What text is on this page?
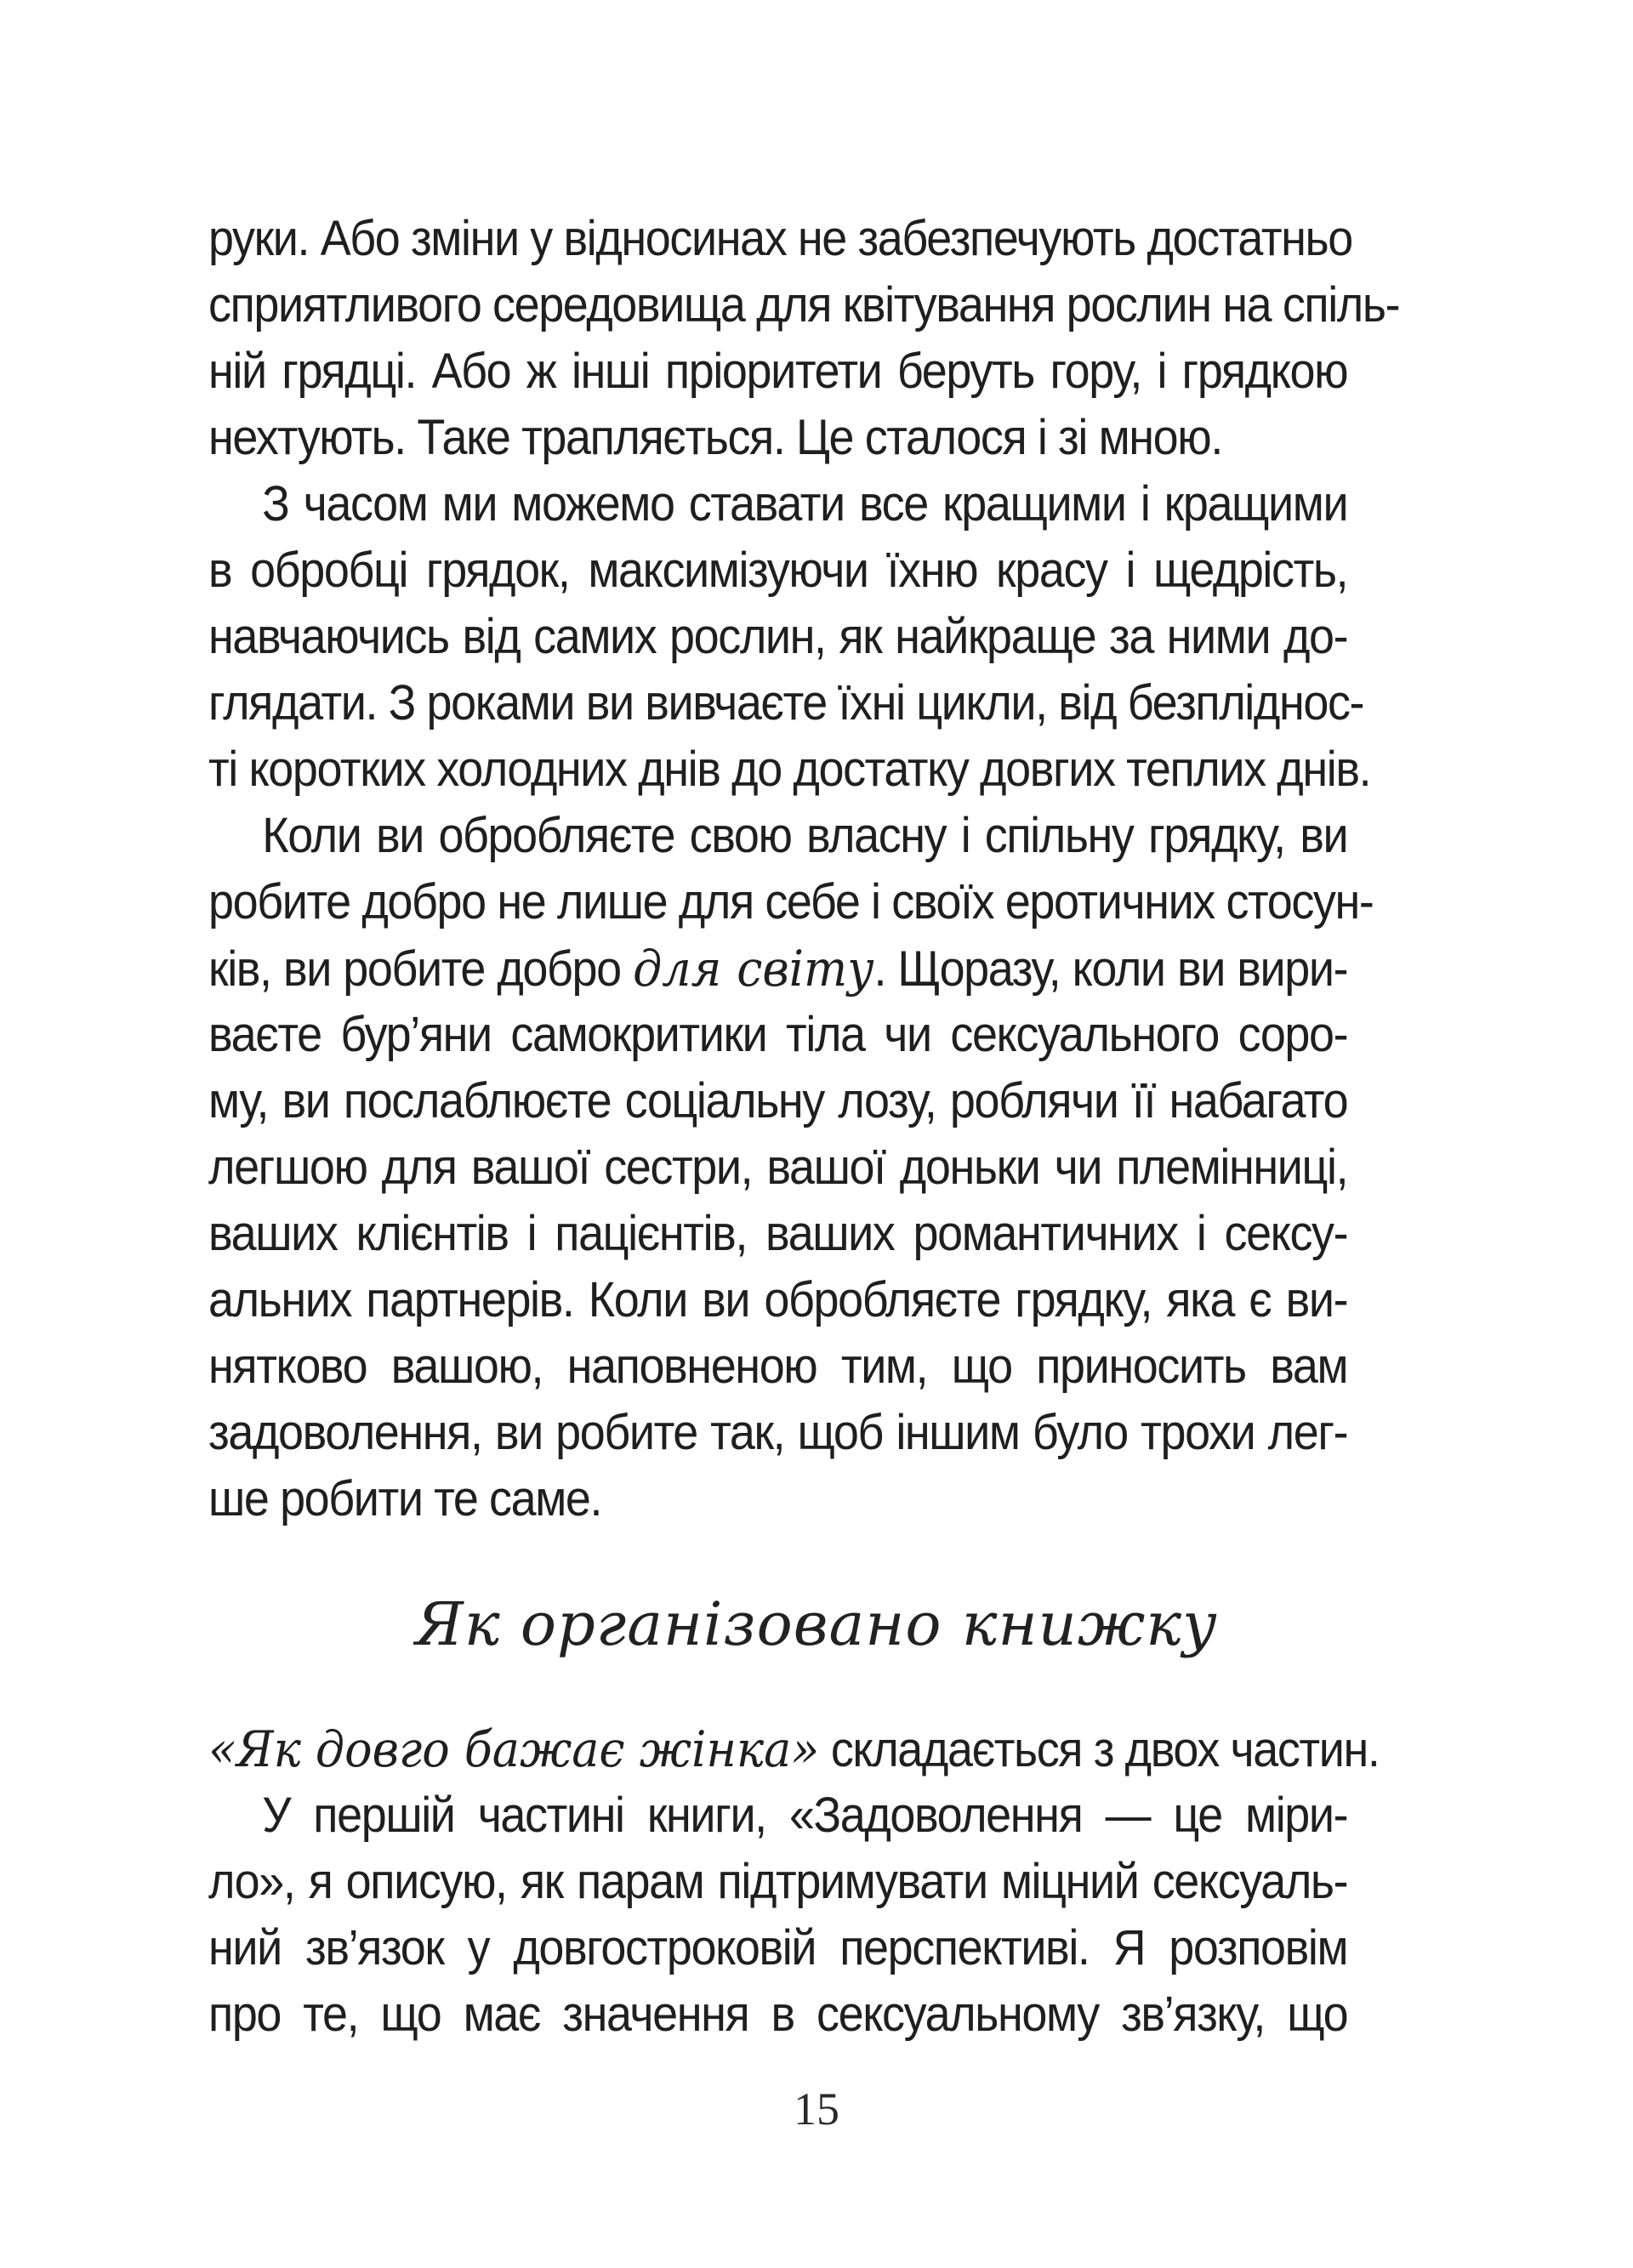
руки. Або зміни у відносинах не забезпечують достатньо
сприятливого середовища для квітування рослин на спіль-
ній грядці. Або ж інші пріоритети беруть гору, і грядкою
нехтують. Таке трапляється. Це сталося і зі мною.
З часом ми можемо ставати все кращими і кращими
в обробці грядок, максимізуючи їхню красу і щедрість,
навчаючись від самих рослин, як найкраще за ними до-
глядати. З роками ви вивчаєте їхні цикли, від безпліднос-
ті коротких холодних днів до достатку довгих теплих днів.
Коли ви обробляєте свою власну і спільну грядку, ви
робите добро не лише для себе і своїх еротичних стосун-
ків, ви робите добро для світу. Щоразу, коли ви вири-
ваєте бур’яни самокритики тіла чи сексуального соро-
му, ви послаблюєте соціальну лозу, роблячи її набагато
легшою для вашої сестри, вашої доньки чи племінниці,
ваших клієнтів і пацієнтів, ваших романтичних і сексу-
альних партнерів. Коли ви обробляєте грядку, яка є ви-
нятково вашою, наповненою тим, що приносить вам
задоволення, ви робите так, щоб іншим було трохи лег-
ше робити те саме.
Як організовано книжку
«Як довго бажає жінка» складається з двох частин.
У першій частині книги, «Задоволення — це міри-
ло», я описую, як парам підтримувати міцний сексуаль-
ний зв’язок у довгостроковій перспективі. Я розповім
про те, що має значення в сексуальному зв’язку, що
15
